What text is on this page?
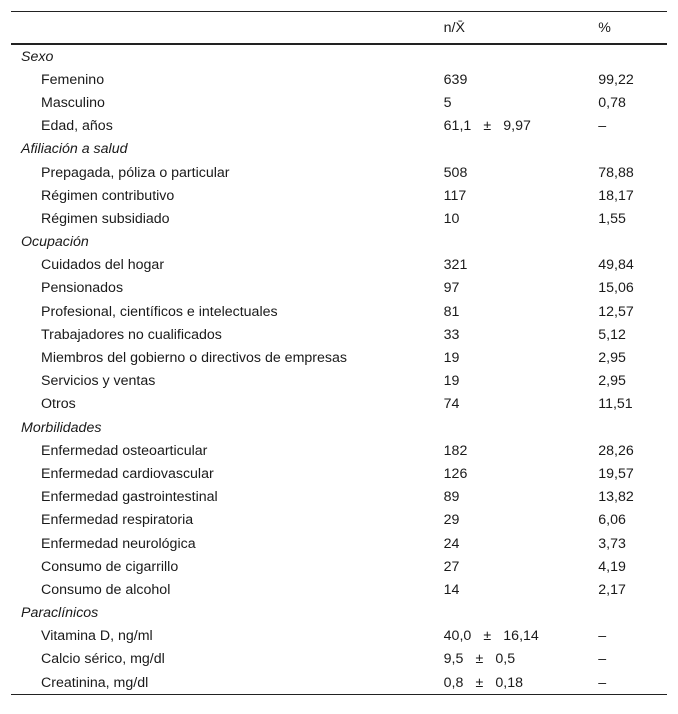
	n/X̄	%
Sexo		
Femenino	639	99,22
Masculino	5	0,78
Edad, años	61,1 ± 9,97	–
Afiliación a salud		
Prepagada, póliza o particular	508	78,88
Régimen contributivo	117	18,17
Régimen subsidiado	10	1,55
Ocupación		
Cuidados del hogar	321	49,84
Pensionados	97	15,06
Profesional, científicos e intelectuales	81	12,57
Trabajadores no cualificados	33	5,12
Miembros del gobierno o directivos de empresas	19	2,95
Servicios y ventas	19	2,95
Otros	74	11,51
Morbilidades		
Enfermedad osteoarticular	182	28,26
Enfermedad cardiovascular	126	19,57
Enfermedad gastrointestinal	89	13,82
Enfermedad respiratoria	29	6,06
Enfermedad neurológica	24	3,73
Consumo de cigarrillo	27	4,19
Consumo de alcohol	14	2,17
Paraclínicos		
Vitamina D, ng/ml	40,0 ± 16,14	–
Calcio sérico, mg/dl	9,5 ± 0,5	–
Creatinina, mg/dl	0,8 ± 0,18	–
